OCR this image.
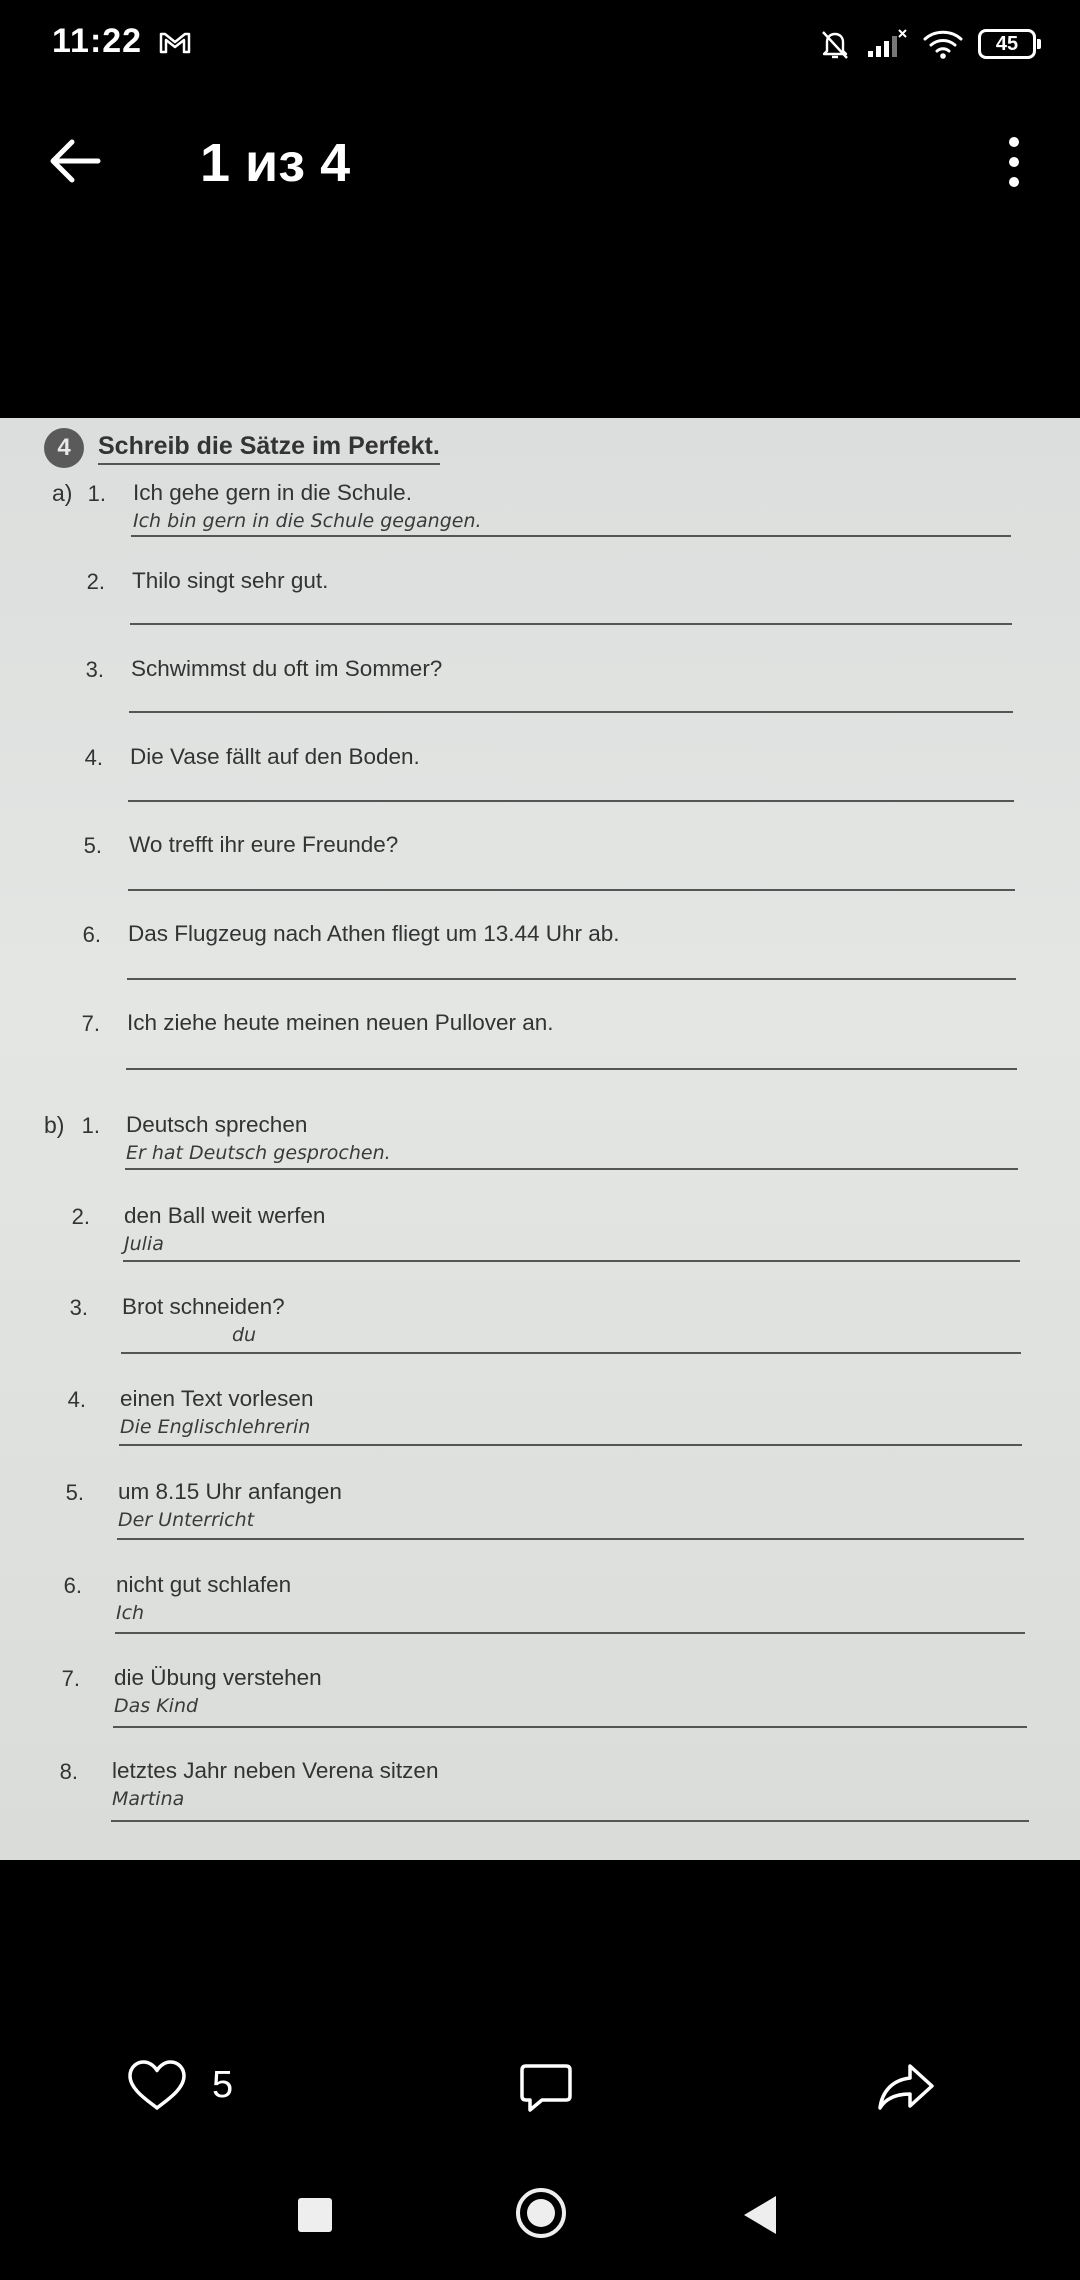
11:22	45
1 из 4
4	Schreib die Sätze im Perfekt.
a) 1. Ich gehe gern in die Schule.
Ich bin gern in die Schule gegangen.
2. Thilo singt sehr gut.
3. Schwimmst du oft im Sommer?
4. Die Vase fällt auf den Boden.
5. Wo trefft ihr eure Freunde?
6. Das Flugzeug nach Athen fliegt um 13.44 Uhr ab.
7. Ich ziehe heute meinen neuen Pullover an.
b) 1. Deutsch sprechen
Er hat Deutsch gesprochen.
2. den Ball weit werfen
Julia
3. Brot schneiden?
du
4. einen Text vorlesen
Die Englischlehrerin
5. um 8.15 Uhr anfangen
Der Unterricht
6. nicht gut schlafen
Ich
7. die Übung verstehen
Das Kind
8. letztes Jahr neben Verena sitzen
Martina
5
